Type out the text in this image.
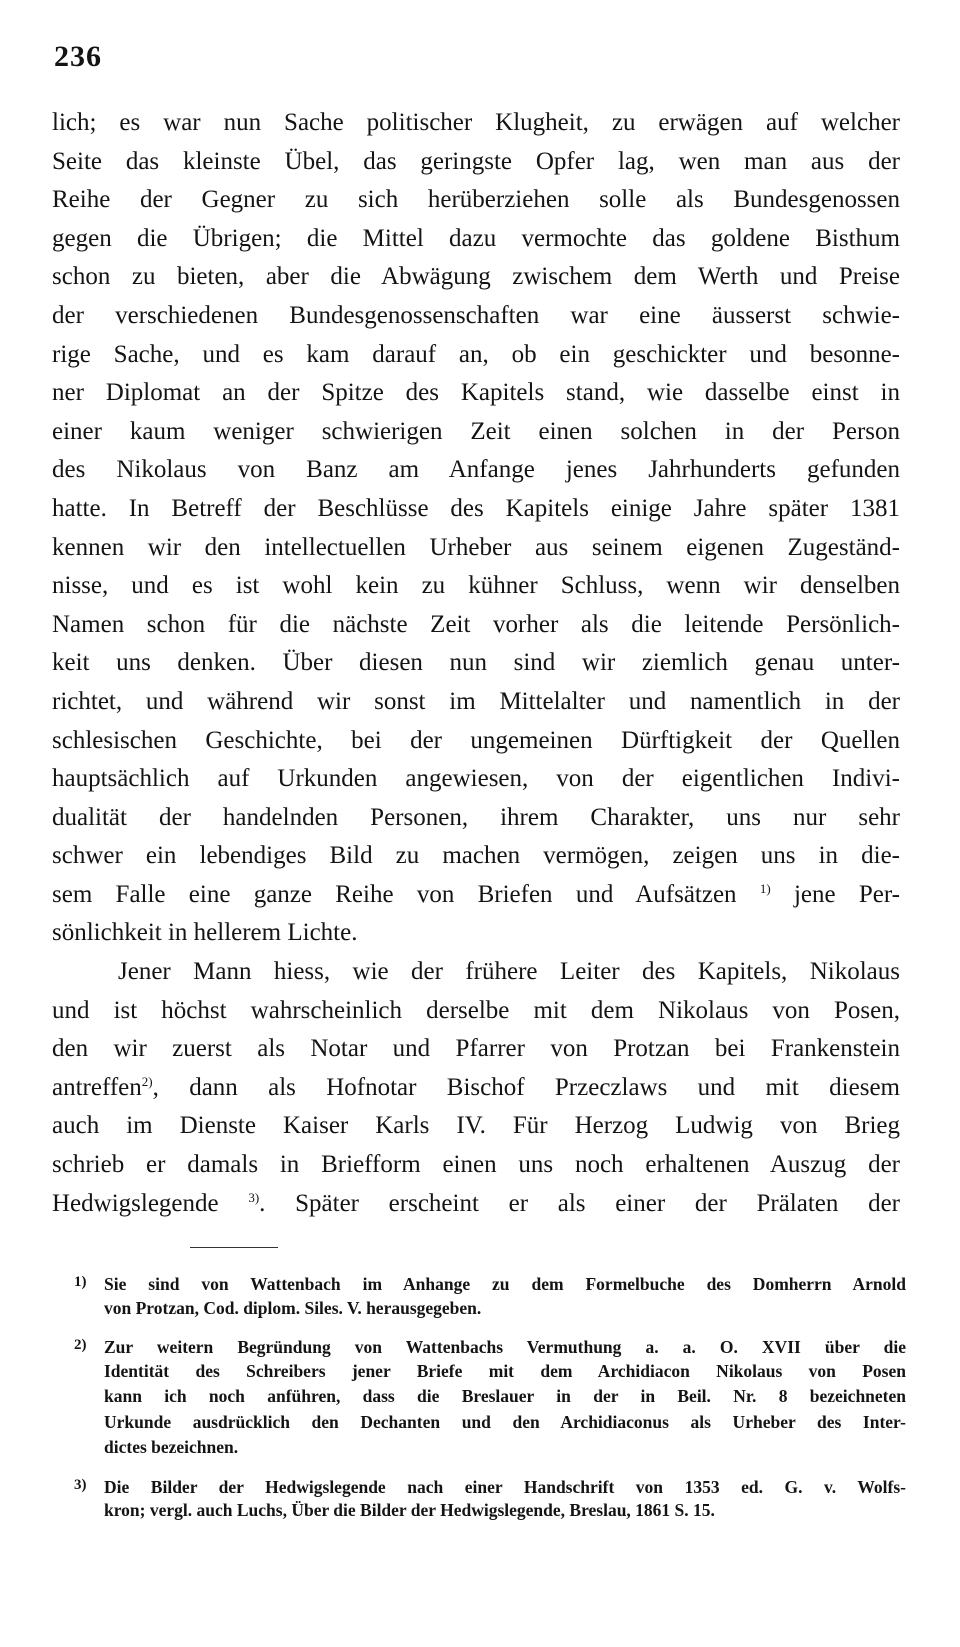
236
lich; es war nun Sache politischer Klugheit, zu erwägen auf welcher
Seite das kleinste Übel, das geringste Opfer lag, wen man aus der
Reihe der Gegner zu sich herüberziehen solle als Bundesgenossen
gegen die Übrigen; die Mittel dazu vermochte das goldene Bisthum
schon zu bieten, aber die Abwägung zwischem dem Werth und Preise
der verschiedenen Bundesgenossenschaften war eine äusserst schwie-
rige Sache, und es kam darauf an, ob ein geschickter und besonne-
ner Diplomat an der Spitze des Kapitels stand, wie dasselbe einst in
einer kaum weniger schwierigen Zeit einen solchen in der Person
des Nikolaus von Banz am Anfange jenes Jahrhunderts gefunden
hatte. In Betreff der Beschlüsse des Kapitels einige Jahre später 1381
kennen wir den intellectuellen Urheber aus seinem eigenen Zugeständ-
nisse, und es ist wohl kein zu kühner Schluss, wenn wir denselben
Namen schon für die nächste Zeit vorher als die leitende Persönlich-
keit uns denken. Über diesen nun sind wir ziemlich genau unter-
richtet, und während wir sonst im Mittelalter und namentlich in der
schlesischen Geschichte, bei der ungemeinen Dürftigkeit der Quellen
hauptsächlich auf Urkunden angewiesen, von der eigentlichen Indivi-
dualität der handelnden Personen, ihrem Charakter, uns nur sehr
schwer ein lebendiges Bild zu machen vermögen, zeigen uns in die-
sem Falle eine ganze Reihe von Briefen und Aufsätzen $^{1)}$ jene Per-
sönlichkeit in hellerem Lichte.
Jener Mann hiess, wie der frühere Leiter des Kapitels, Nikolaus
und ist höchst wahrscheinlich derselbe mit dem Nikolaus von Posen,
den wir zuerst als Notar und Pfarrer von Protzan bei Frankenstein
antreffen$^{2)}$, dann als Hofnotar Bischof Przeczlaws und mit diesem
auch im Dienste Kaiser Karls IV. Für Herzog Ludwig von Brieg
schrieb er damals in Briefform einen uns noch erhaltenen Auszug der
Hedwigslegende $^{3)}$. Später erscheint er als einer der Prälaten der
1) Sie sind von Wattenbach im Anhange zu dem Formelbuche des Domherrn Arnold
von Protzan, Cod. diplom. Siles. V. herausgegeben.
2) Zur weitern Begründung von Wattenbachs Vermuthung a. a. O. XVII über die
Identität des Schreibers jener Briefe mit dem Archidiacon Nikolaus von Posen
kann ich noch anführen, dass die Breslauer in der in Beil. Nr. 8 bezeichneten
Urkunde ausdrücklich den Dechanten und den Archidiaconus als Urheber des Inter-
dictes bezeichnen.
3) Die Bilder der Hedwigslegende nach einer Handschrift von 1353 ed. G. v. Wolfs-
kron; vergl. auch Luchs, Über die Bilder der Hedwigslegende, Breslau, 1861 S. 15.
